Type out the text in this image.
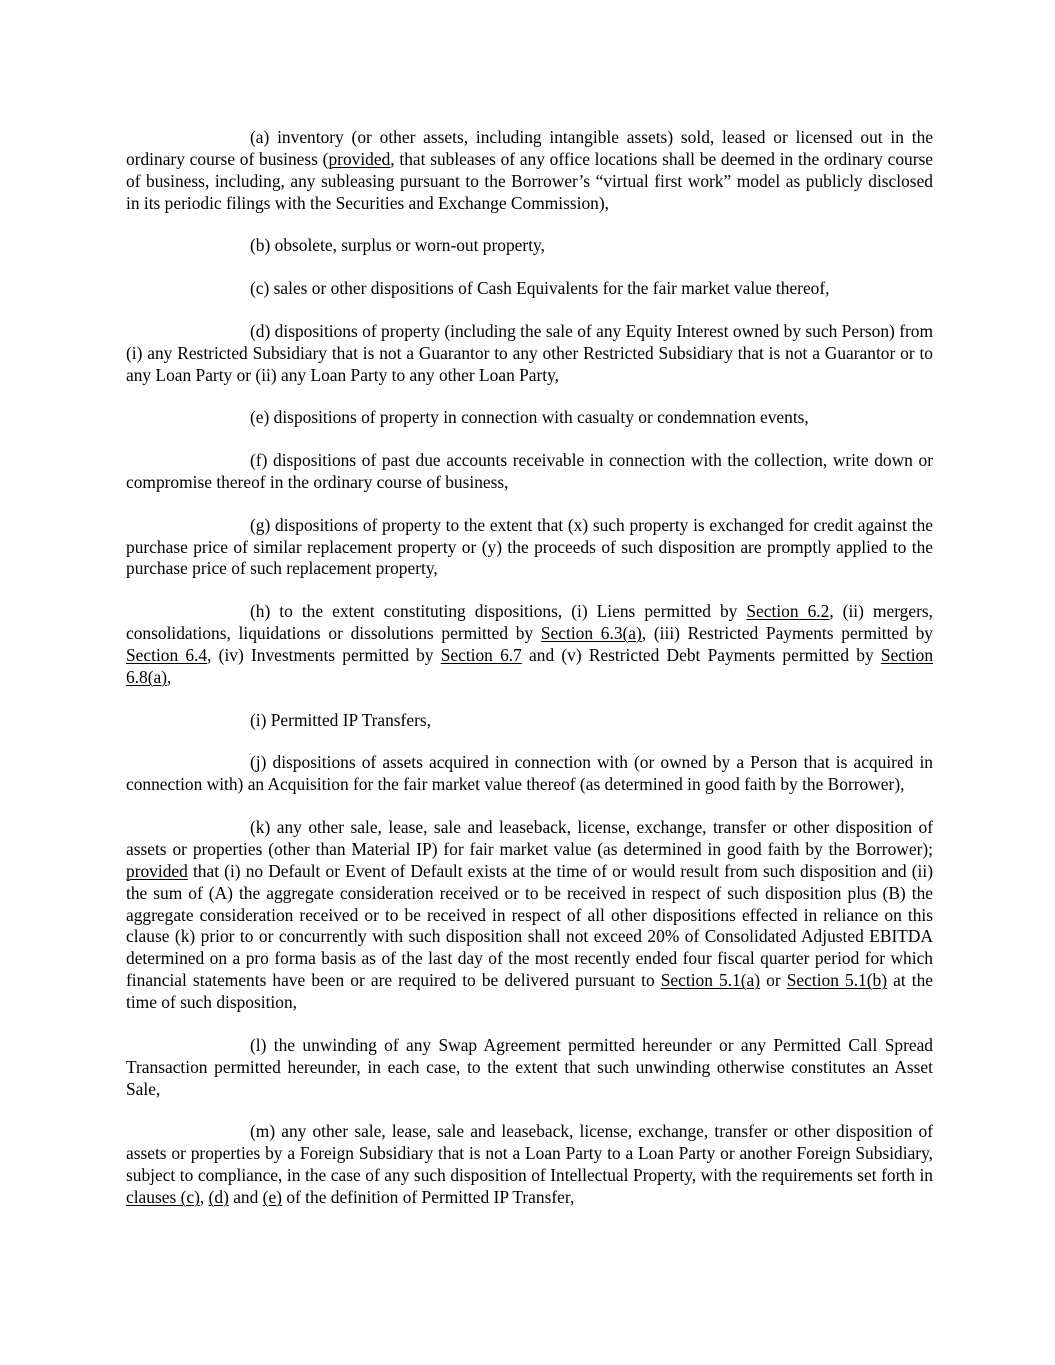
(a) inventory (or other assets, including intangible assets) sold, leased or licensed out in the ordinary course of business (provided, that subleases of any office locations shall be deemed in the ordinary course of business, including, any subleasing pursuant to the Borrower’s “virtual first work” model as publicly disclosed in its periodic filings with the Securities and Exchange Commission),

(b) obsolete, surplus or worn-out property,

(c) sales or other dispositions of Cash Equivalents for the fair market value thereof,

(d) dispositions of property (including the sale of any Equity Interest owned by such Person) from (i) any Restricted Subsidiary that is not a Guarantor to any other Restricted Subsidiary that is not a Guarantor or to any Loan Party or (ii) any Loan Party to any other Loan Party,

(e) dispositions of property in connection with casualty or condemnation events,

(f) dispositions of past due accounts receivable in connection with the collection, write down or compromise thereof in the ordinary course of business,

(g) dispositions of property to the extent that (x) such property is exchanged for credit against the purchase price of similar replacement property or (y) the proceeds of such disposition are promptly applied to the purchase price of such replacement property,

(h) to the extent constituting dispositions, (i) Liens permitted by Section 6.2, (ii) mergers, consolidations, liquidations or dissolutions permitted by Section 6.3(a), (iii) Restricted Payments permitted by Section 6.4, (iv) Investments permitted by Section 6.7 and (v) Restricted Debt Payments permitted by Section 6.8(a),

(i) Permitted IP Transfers,

(j) dispositions of assets acquired in connection with (or owned by a Person that is acquired in connection with) an Acquisition for the fair market value thereof (as determined in good faith by the Borrower),

(k) any other sale, lease, sale and leaseback, license, exchange, transfer or other disposition of assets or properties (other than Material IP) for fair market value (as determined in good faith by the Borrower); provided that (i) no Default or Event of Default exists at the time of or would result from such disposition and (ii) the sum of (A) the aggregate consideration received or to be received in respect of such disposition plus (B) the aggregate consideration received or to be received in respect of all other dispositions effected in reliance on this clause (k) prior to or concurrently with such disposition shall not exceed 20% of Consolidated Adjusted EBITDA determined on a pro forma basis as of the last day of the most recently ended four fiscal quarter period for which financial statements have been or are required to be delivered pursuant to Section 5.1(a) or Section 5.1(b) at the time of such disposition,

(l) the unwinding of any Swap Agreement permitted hereunder or any Permitted Call Spread Transaction permitted hereunder, in each case, to the extent that such unwinding otherwise constitutes an Asset Sale,

(m) any other sale, lease, sale and leaseback, license, exchange, transfer or other disposition of assets or properties by a Foreign Subsidiary that is not a Loan Party to a Loan Party or another Foreign Subsidiary, subject to compliance, in the case of any such disposition of Intellectual Property, with the requirements set forth in clauses (c), (d) and (e) of the definition of Permitted IP Transfer,
